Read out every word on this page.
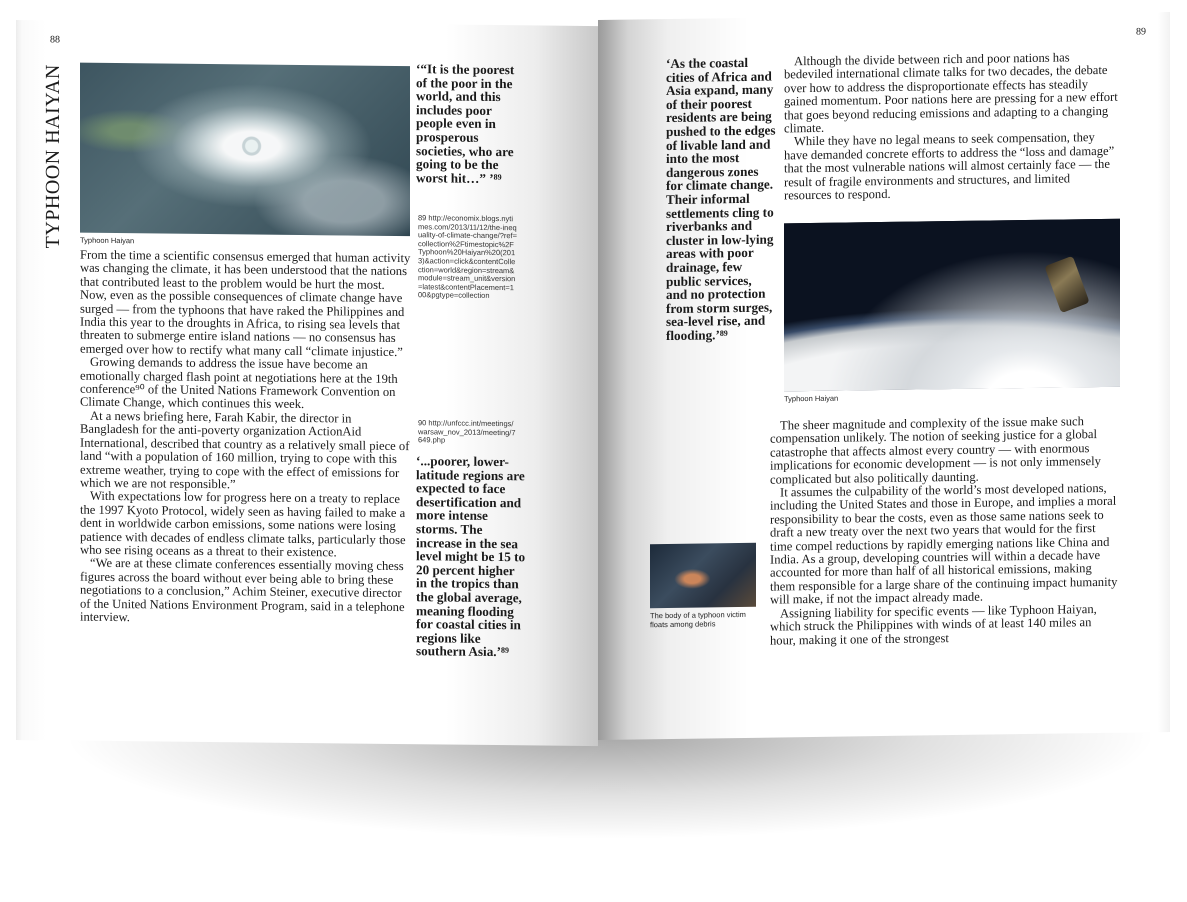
88
TYPHOON HAIYAN Typhoon Haiyan

From the time a scientific consensus emerged that human activity was changing the climate, it has been understood that the nations that contributed least to the problem would be hurt the most. Now, even as the possible consequences of climate change have surged — from the typhoons that have raked the Philippines and India this year to the droughts in Africa, to rising sea levels that threaten to submerge entire island nations — no consensus has emerged over how to rectify what many call “climate injustice.”

Growing demands to address the issue have become an emotionally charged flash point at negotiations here at the 19th conference⁹⁰ of the United Nations Framework Convention on Climate Change, which continues this week.

At a news briefing here, Farah Kabir, the director in Bangladesh for the anti-poverty organization ActionAid International, described that country as a relatively small piece of land “with a population of 160 million, trying to cope with this extreme weather, trying to cope with the effect of emissions for which we are not responsible.”

With expectations low for progress here on a treaty to replace the 1997 Kyoto Protocol, widely seen as having failed to make a dent in worldwide carbon emissions, some nations were losing patience with decades of endless climate talks, particularly those who see rising oceans as a threat to their existence.

“We are at these climate conferences essentially moving chess figures across the board without ever being able to bring these negotiations to a conclusion,” Achim Steiner, executive director of the United Nations Environment Program, said in a telephone interview.

‘“It is the poorest of the poor in the world, and this includes poor people even in prosperous societies, who are going to be the worst hit…” ’⁸⁹
89 http://economix.blogs.nytimes.com/2013/11/12/the-inequality-of-climate-change/?ref=collection%2Ftimestopic%2FTyphoon%20Haiyan%20(2013)&action=click&contentCollection=world&region=stream&module=stream_unit&version=latest&contentPlacement=100&pgtype=collection
90 http://unfccc.int/meetings/warsaw_nov_2013/meeting/7649.php
‘...poorer, lower-latitude regions are expected to face desertification and more intense storms. The increase in the sea level might be 15 to 20 percent higher in the tropics than the global average, meaning flooding for coastal cities in regions like southern Asia.’⁸⁹
89
‘As the coastal cities of Africa and Asia expand, many of their poorest residents are being pushed to the edges of livable land and into the most dangerous zones for climate change. Their informal settlements cling to riverbanks and cluster in low-lying areas with poor drainage, few public services, and no protection from storm surges, sea-level rise, and flooding.’⁸⁹

Although the divide between rich and poor nations has bedeviled international climate talks for two decades, the debate over how to address the disproportionate effects has steadily gained momentum. Poor nations here are pressing for a new effort that goes beyond reducing emissions and adapting to a changing climate.

While they have no legal means to seek compensation, they have demanded concrete efforts to address the “loss and damage” that the most vulnerable nations will almost certainly face — the result of fragile environments and structures, and limited resources to respond.

Typhoon Haiyan
The body of a typhoon victim floats among debris

The sheer magnitude and complexity of the issue make such compensation unlikely. The notion of seeking justice for a global catastrophe that affects almost every country — with enormous implications for economic development — is not only immensely complicated but also politically daunting.

It assumes the culpability of the world’s most developed nations, including the United States and those in Europe, and implies a moral responsibility to bear the costs, even as those same nations seek to draft a new treaty over the next two years that would for the first time compel reductions by rapidly emerging nations like China and India. As a group, developing countries will within a decade have accounted for more than half of all historical emissions, making them responsible for a large share of the continuing impact humanity will make, if not the impact already made.

Assigning liability for specific events — like Typhoon Haiyan, which struck the Philippines with winds of at least 140 miles an hour, making it one of the strongest
